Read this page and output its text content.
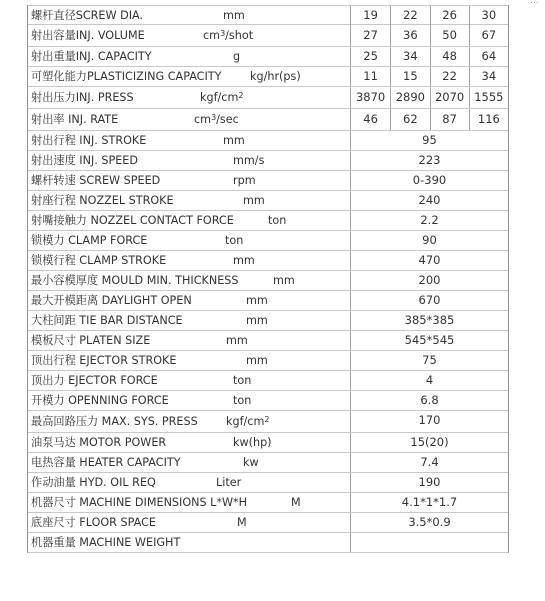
...
螺杆直径SCREW DIA.	mm	19	22	26	30
射出容量INJ. VOLUME	$cm^3$/shot	27	36	50	67
射出重量INJ. CAPACITY	g	25	34	48	64
可塑化能力PLASTICIZING CAPACITY	kg/hr(ps)	11	15	22	34
射出压力INJ. PRESS	kgf/$cm^2$	3870 2890 2070 1555
射出率 INJ. RATE	$cm^3/\sec$	46	62	87	116
射出行程 INJ. STROKE	mm	95
射出速度 INJ. SPEED	mm/s	223
螺杆转速 SCREW SPEED	rpm	0-390
射座行程 NOZZEL STROKE	mm	240
射嘴接触力 NOZZEL CONTACT FORCE	ton	2.2
锁模力 CLAMP FORCE	ton	90
锁模行程 CLAMP STROKE	mm	470
最小容模厚度 MOULD MIN. THICKNESS	mm	200
最大开模距离 DAYLIGHT OPEN	mm	670
大柱间距 TIE BAR DISTANCE	mm	385*385
模板尺寸 PLATEN SIZE	mm	545*545
顶出行程 EJECTOR STROKE	mm	75
顶出力 EJECTOR FORCE	ton	4
开模力 OPENNING FORCE	ton	6.8
最高回路压力 MAX. SYS. PRESS	kgf/$cm^2$	170
油泵马达 MOTOR POWER	kw(hp)	15(20)
电热容量 HEATER CAPACITY	kw	7.4
作动油量 HYD. OIL REQ	Liter	190
机器尺寸 MACHINE DIMENSIONS L*W*H	M	4.1*1*1.7
底座尺寸 FLOOR SPACE	M	3.5*0.9
机器重量 MACHINE WEIGHT
